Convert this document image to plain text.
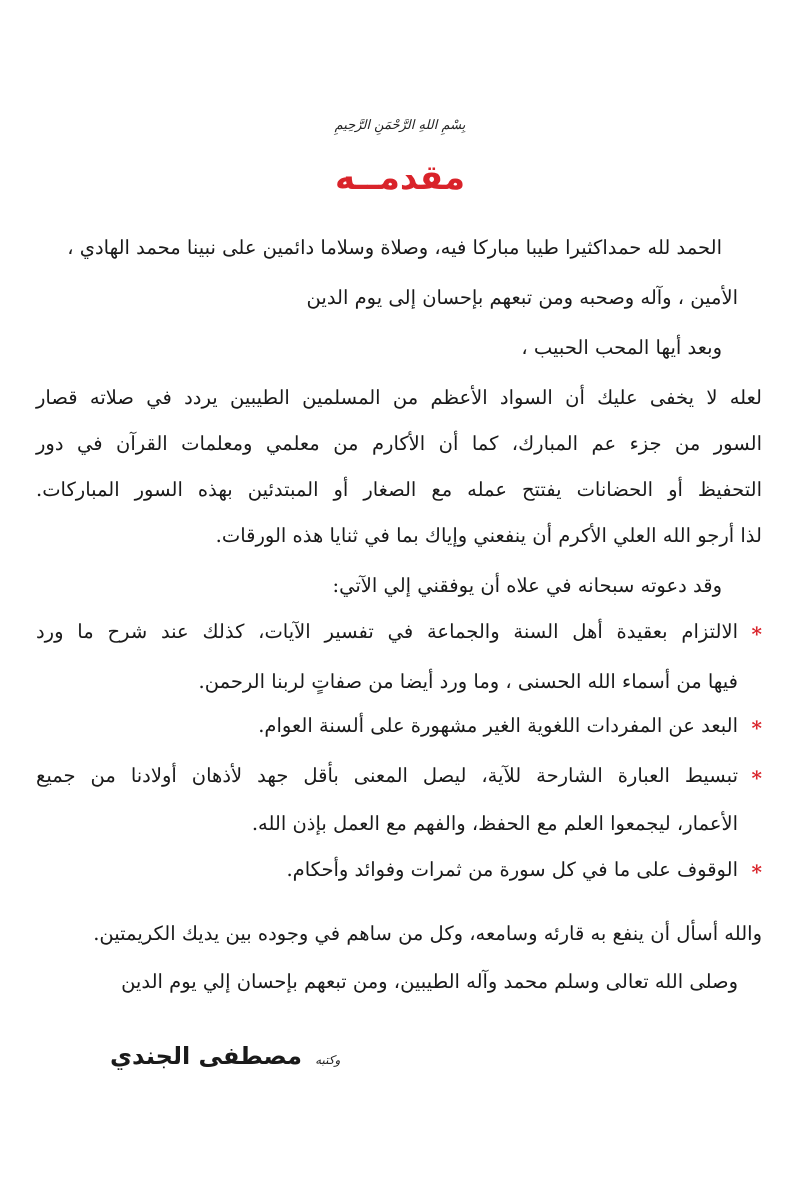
بِسْمِ اللهِ الرَّحْمَنِ الرَّحِيمِ
مقدمــه
الحمد لله حمداكثيرا طيبا مباركا فيه، وصلاة وسلاما دائمين على نبينا محمد الهادي ،
الأمين ، وآله وصحبه ومن تبعهم بإحسان إلى يوم الدين
وبعد أيها المحب الحبيب ،
لعله لا يخفى عليك أن السواد الأعظم من المسلمين الطيبين يردد في صلاته قصار
السور من جزء عم المبارك، كما أن الأكارم من معلمي ومعلمات القرآن في دور
التحفيظ أو الحضانات يفتتح عمله مع الصغار أو المبتدئين بهذه السور المباركات.
لذا أرجو الله العلي الأكرم أن ينفعني وإياك بما في ثنايا هذه الورقات.
وقد دعوته سبحانه في علاه أن يوفقني إلي الآتي:
*
الالتزام بعقيدة أهل السنة والجماعة في تفسير الآيات، كذلك عند شرح ما ورد
فيها من أسماء الله الحسنى ، وما ورد أيضا من صفاتٍ لربنا الرحمن.
*
البعد عن المفردات اللغوية الغير مشهورة على ألسنة العوام.
*
تبسيط العبارة الشارحة للآية، ليصل المعنى بأقل جهد لأذهان أولادنا من جميع
الأعمار، ليجمعوا العلم مع الحفظ، والفهم مع العمل بإذن الله.
*
الوقوف على ما في كل سورة من ثمرات وفوائد وأحكام.
والله أسأل أن ينفع به قارئه وسامعه، وكل من ساهم في وجوده بين يديك الكريمتين.
وصلى الله تعالى وسلم محمد وآله الطيبين، ومن تبعهم بإحسان إلي يوم الدين
وكتبه مصطفى الجندي
